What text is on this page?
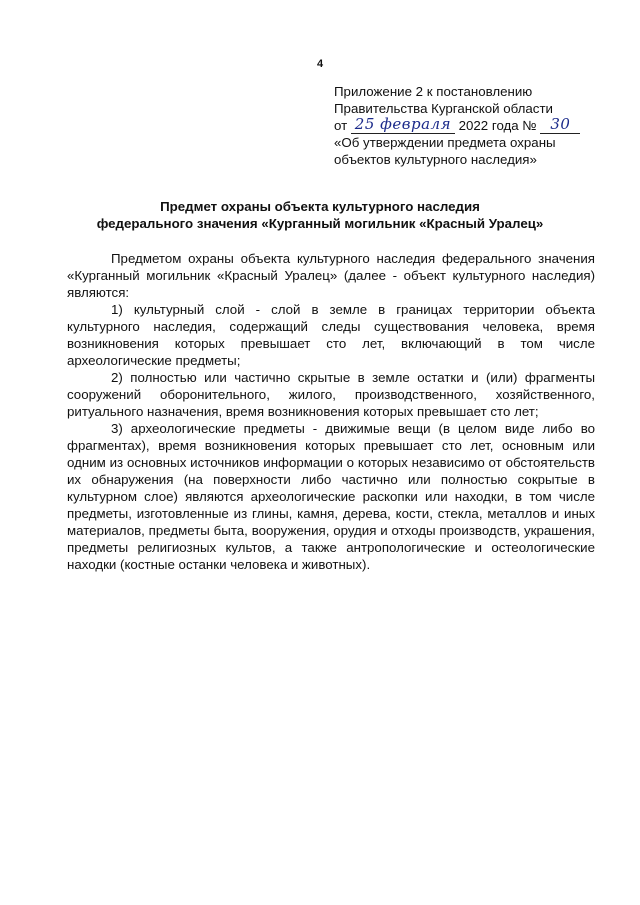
4
Приложение 2 к постановлению
Правительства Курганской области
от 25 февраля 2022 года № 30
«Об утверждении предмета охраны
объектов культурного наследия»
Предмет охраны объекта культурного наследия
федерального значения «Курганный могильник «Красный Уралец»

Предметом охраны объекта культурного наследия федерального значения «Курганный могильник «Красный Уралец» (далее - объект культурного наследия) являются:

1) культурный слой - слой в земле в границах территории объекта культурного наследия, содержащий следы существования человека, время возникновения которых превышает сто лет, включающий в том числе археологические предметы;

2) полностью или частично скрытые в земле остатки и (или) фрагменты сооружений оборонительного, жилого, производственного, хозяйственного, ритуального назначения, время возникновения которых превышает сто лет;

3) археологические предметы - движимые вещи (в целом виде либо во фрагментах), время возникновения которых превышает сто лет, основным или одним из основных источников информации о которых независимо от обстоятельств их обнаружения (на поверхности либо частично или полностью сокрытые в культурном слое) являются археологические раскопки или находки, в том числе предметы, изготовленные из глины, камня, дерева, кости, стекла, металлов и иных материалов, предметы быта, вооружения, орудия и отходы производств, украшения, предметы религиозных культов, а также антропологические и остеологические находки (костные останки человека и животных).
